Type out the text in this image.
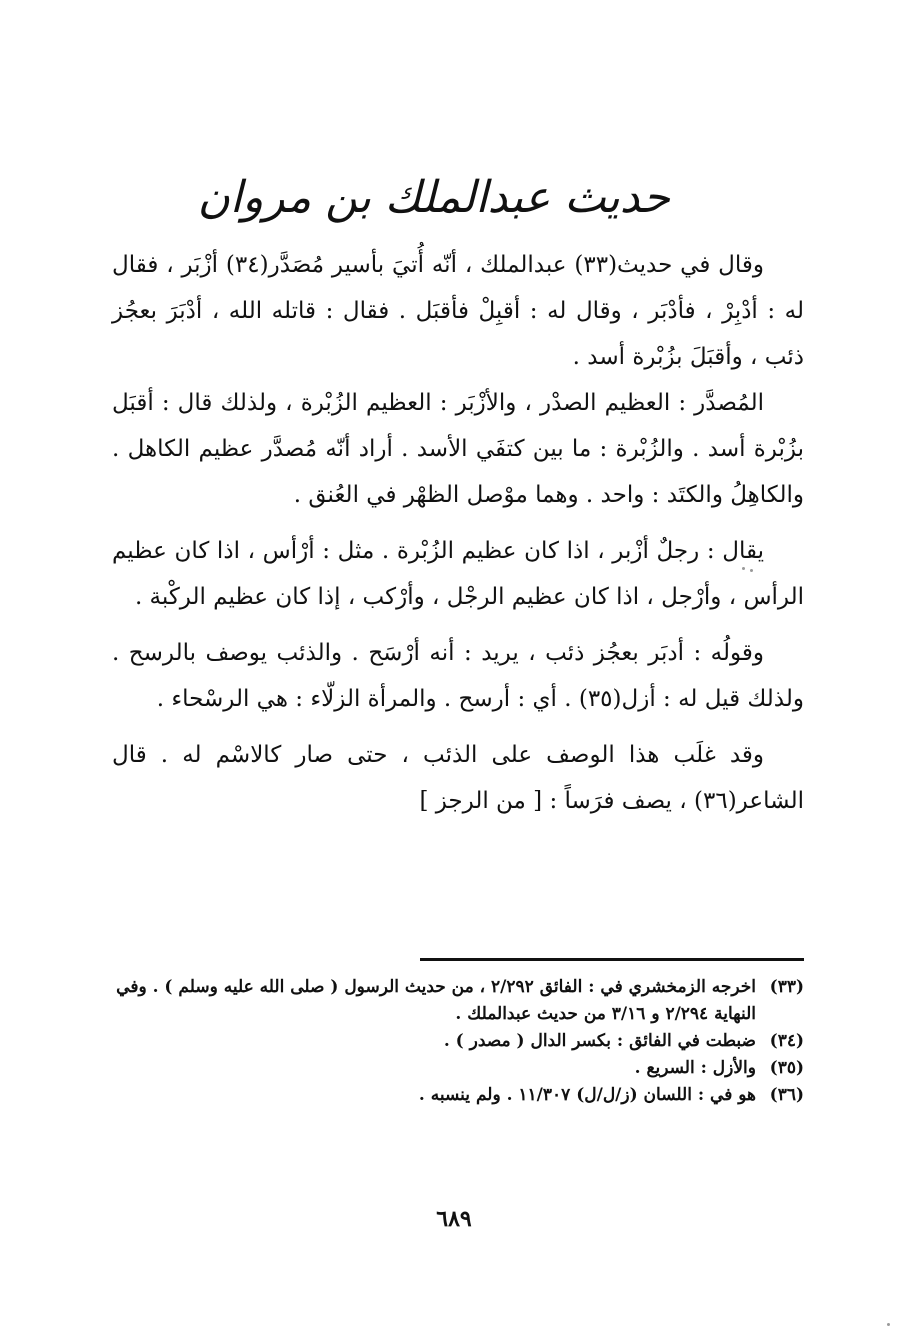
حديث عبدالملك بن مروان

وقال في حديث(٣٣) عبدالملك ، أنّه أُتيَ بأسير مُصَدَّر(٣٤) أزْبَر ، فقال له : أدْبِرْ ، فأدْبَر ، وقال له : أقبِلْ فأقبَل . فقال : قاتله الله ، أدْبَرَ بعجُز ذئب ، وأقبَلَ بزُبْرة أسد .

المُصدَّر : العظيم الصدْر ، والأزْبَر : العظيم الزُبْرة ، ولذلك قال : أقبَل بزُبْرة أسد . والزُبْرة : ما بين كتفَي الأسد . أراد أنّه مُصدَّر عظيم الكاهل . والكاهِلُ والكتَد : واحد . وهما موْصل الظهْر في العُنق .

يقال : رجلٌ أزْبر ، اذا كان عظيم الزُبْرة . مثل : أرْأس ، اذا كان عظيم الرأس ، وأرْجل ، اذا كان عظيم الرجْل ، وأرْكب ، إذا كان عظيم الركْبة .

وقولُه : أدبَر بعجُز ذئب ، يريد : أنه أرْسَح . والذئب يوصف بالرسح . ولذلك قيل له : أزل(٣٥) . أي : أرسح . والمرأة الزلّاء : هي الرسْحاء .

وقد غلَب هذا الوصف على الذئب ، حتى صار كالاسْم له . قال الشاعر(٣٦) ، يصف فرَساً : [ من الرجز ]

(٣٣)
اخرجه الزمخشري في : الفائق ٢/٢٩٢ ، من حديث الرسول ( صلى الله عليه وسلم ) . وفي النهاية ٢/٢٩٤ و ٣/١٦ من حديث عبدالملك .
(٣٤)
ضبطت في الفائق : بكسر الدال ( مصدر ) .
(٣٥)
والأزل : السريع .
(٣٦)
هو في : اللسان (ز/ل/ل) ١١/٣٠٧ . ولم ينسبه .
٦٨٩
